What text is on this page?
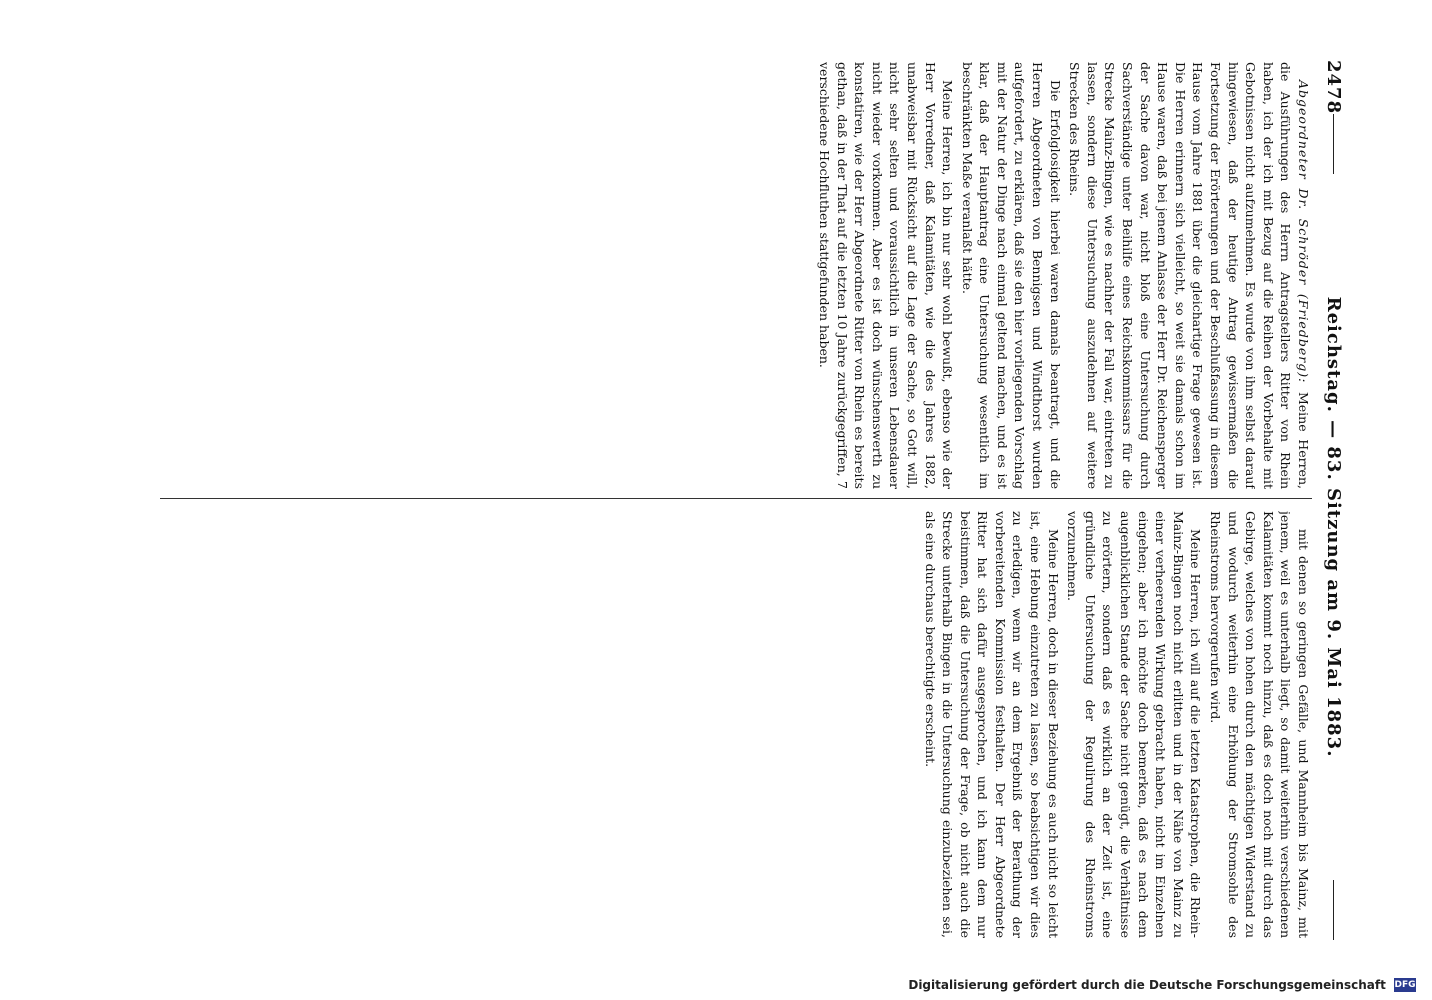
2478
Reichstag. — 83. Sitzung am 9. Mai 1883.

Abgeordneter Dr. Schröder (Friedberg): Meine Herren, die Ausführungen des Herrn Antragstellers Ritter von Rhein haben, ich der ich mit Bezug auf die Reihen der Vorbehalte mit Gebotnissen nicht aufzumehmen. Es wurde von ihm selbst darauf hingewiesen, daß der heutige Antrag gewissermaßen die Fortsetzung der Erörterungen und der Beschlußfassung in diesem Hause vom Jahre 1881 über die gleichartige Frage gewesen ist. Die Herren erinnern sich vielleicht, so weit sie damals schon im Hause waren, daß bei jenem Anlasse der Herr Dr. Reichensperger der Sache davon war, nicht bloß eine Untersuchung durch Sachverständige unter Beihilfe eines Reichskommissars für die Strecke Mainz-Bingen, wie es nachher der Fall war, eintreten zu lassen, sondern diese Untersuchung auszudehnen auf weitere Strecken des Rheins.

Die Erfolglosigkeit hierbei waren damals beantragt, und die Herren Abgeordneten von Bennigsen und Windthorst wurden aufgefordert, zu erklären, daß sie den hier vorliegenden Vorschlag mit der Natur der Dinge nach einmal geltend machen, und es ist klar, daß der Hauptantrag eine Untersuchung wesentlich im beschränkten Maße veranlaßt hätte.

Meine Herren, ich bin nur sehr wohl bewußt, ebenso wie der Herr Vorredner, daß Kalamitäten, wie die des Jahres 1882, unabweisbar mit Rücksicht auf die Lage der Sache, so Gott will, nicht sehr selten und voraussichtlich in unseren Lebensdauer nicht wieder vorkommen. Aber es ist doch wünschenswerth zu konstatiren, wie der Herr Abgeordnete Ritter von Rhein es bereits gethan, daß in der That auf die letzten 10 Jahre zurückgegriffen, 7 verschiedene Hochfluthen stattgefunden haben.

mit denen so geringen Gefälle, und Mannheim bis Mainz, mit jenem, weil es unterhalb liegt, so damit weiterhin verschiedenen Kalamitäten kommt noch hinzu, daß es doch noch mit durch das Gebirge, welches von hohen durch den mächtigen Widerstand zu und wodurch weiterhin eine Erhöhung der Stromsohle des Rheinstroms hervorgerufen wird.

Meine Herren, ich will auf die letzten Katastrophen, die Rhein-Mainz-Bingen noch nicht erlitten und in der Nähe von Mainz zu einer verheerenden Wirkung gebracht haben, nicht im Einzelnen eingehen; aber ich möchte doch bemerken, daß es nach dem augenblicklichen Stande der Sache nicht genügt, die Verhältnisse zu erörtern, sondern daß es wirklich an der Zeit ist, eine gründliche Untersuchung der Regulirung des Rheinstroms vorzunehmen.

Meine Herren, doch in dieser Beziehung es auch nicht so leicht ist, eine Hebung einzutreten zu lassen, so beabsichtigen wir dies zu erledigen, wenn wir an dem Ergebniß der Berathung der vorbereitenden Kommission festhalten. Der Herr Abgeordnete Ritter hat sich dafür ausgesprochen, und ich kann dem nur beistimmen, daß die Untersuchung der Frage, ob nicht auch die Strecke unterhalb Bingen in die Untersuchung einzubeziehen sei, als eine durchaus berechtigte erscheint.

Digitalisierung gefördert durch die Deutsche Forschungsgemeinschaft DFG
